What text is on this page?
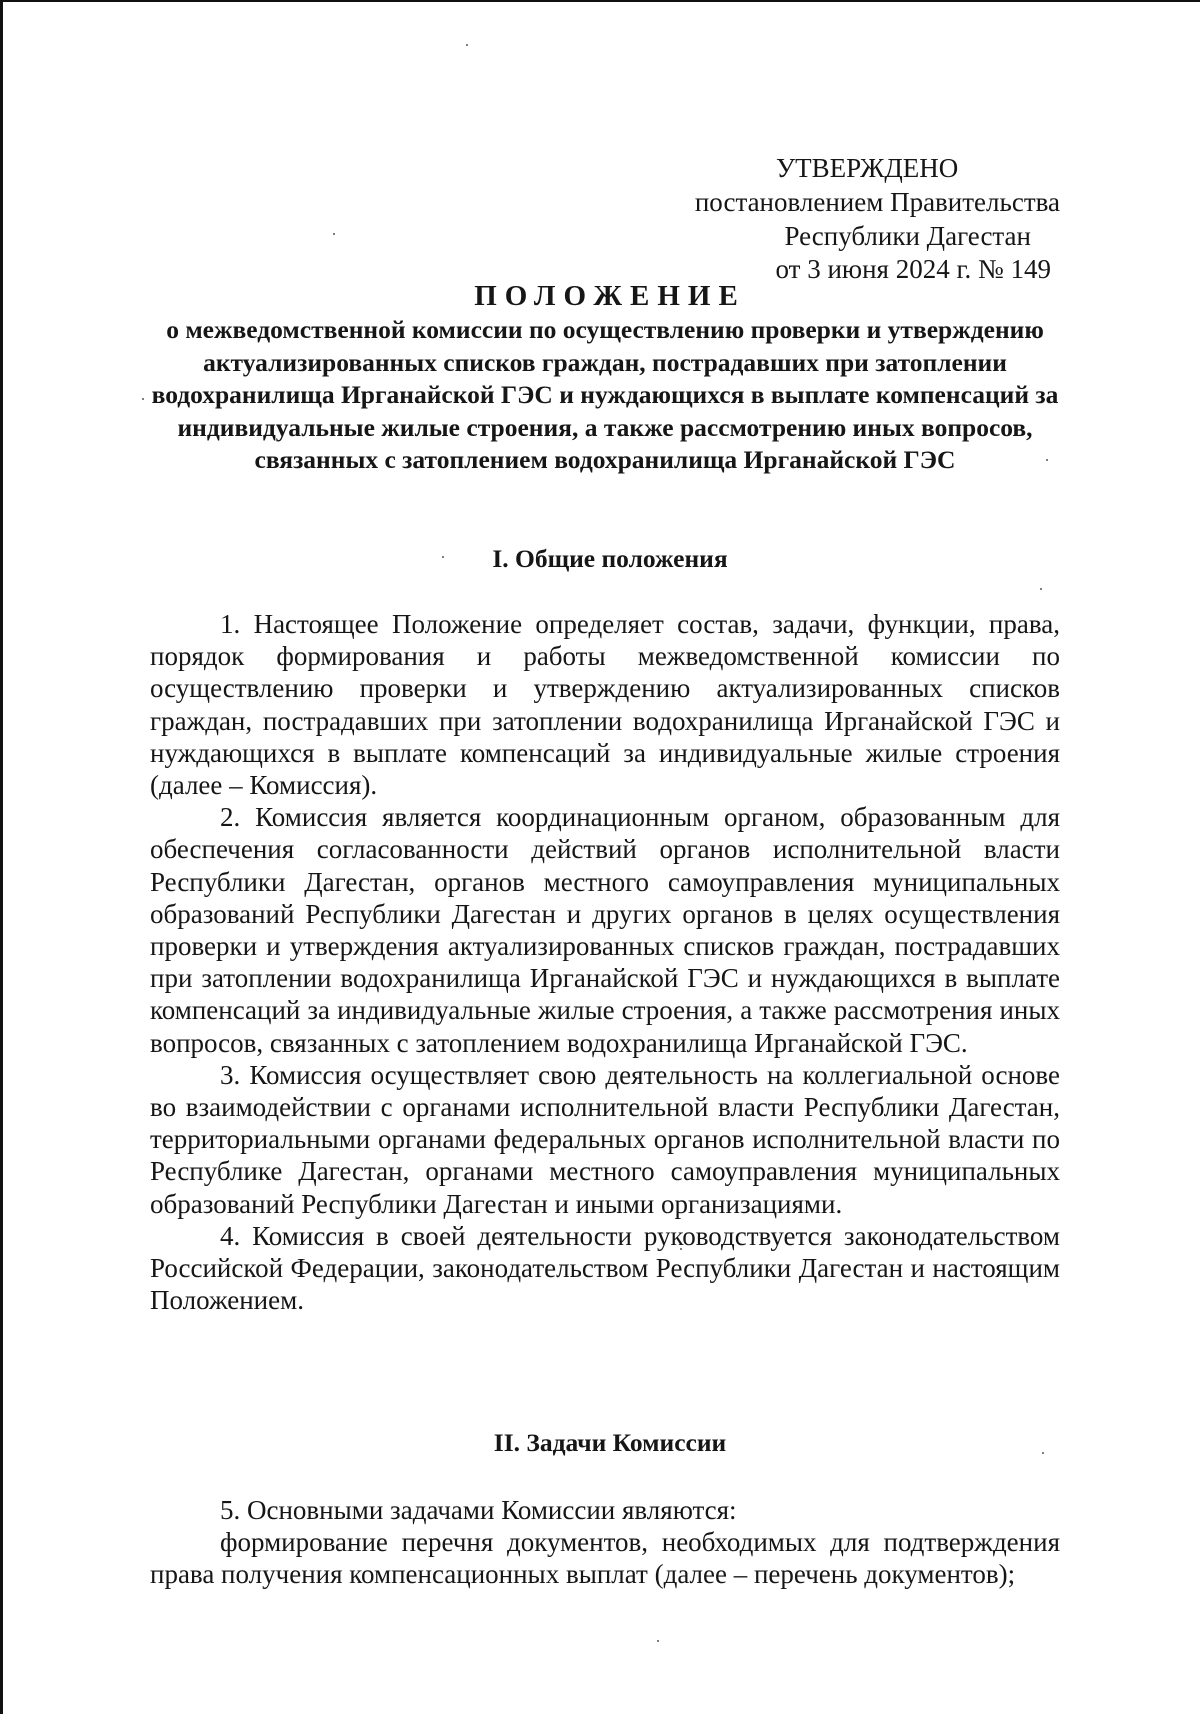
УТВЕРЖДЕНО
постановлением Правительства
Республики Дагестан
от 3 июня 2024 г. № 149
ПОЛОЖЕНИЕ
о межведомственной комиссии по осуществлению проверки и утверждению актуализированных списков граждан, пострадавших при затоплении водохранилища Ирганайской ГЭС и нуждающихся в выплате компенсаций за индивидуальные жилые строения, а также рассмотрению иных вопросов, связанных с затоплением водохранилища Ирганайской ГЭС
I. Общие положения

1. Настоящее Положение определяет состав, задачи, функции, права, порядок формирования и работы межведомственной комиссии по осуществлению проверки и утверждению актуализированных списков граждан, пострадавших при затоплении водохранилища Ирганайской ГЭС и нуждающихся в выплате компенсаций за индивидуальные жилые строения (далее – Комиссия).

2. Комиссия является координационным органом, образованным для обеспечения согласованности действий органов исполнительной власти Республики Дагестан, органов местного самоуправления муниципальных образований Республики Дагестан и других органов в целях осуществления проверки и утверждения актуализированных списков граждан, пострадавших при затоплении водохранилища Ирганайской ГЭС и нуждающихся в выплате компенсаций за индивидуальные жилые строения, а также рассмотрения иных вопросов, связанных с затоплением водохранилища Ирганайской ГЭС.

3. Комиссия осуществляет свою деятельность на коллегиальной основе во взаимодействии с органами исполнительной власти Республики Дагестан, территориальными органами федеральных органов исполнительной власти по Республике Дагестан, органами местного самоуправления муниципальных образований Республики Дагестан и иными организациями.

4. Комиссия в своей деятельности руководствуется законодательством Российской Федерации, законодательством Республики Дагестан и настоящим Положением.

II. Задачи Комиссии

5. Основными задачами Комиссии являются:

формирование перечня документов, необходимых для подтверждения права получения компенсационных выплат (далее – перечень документов);
